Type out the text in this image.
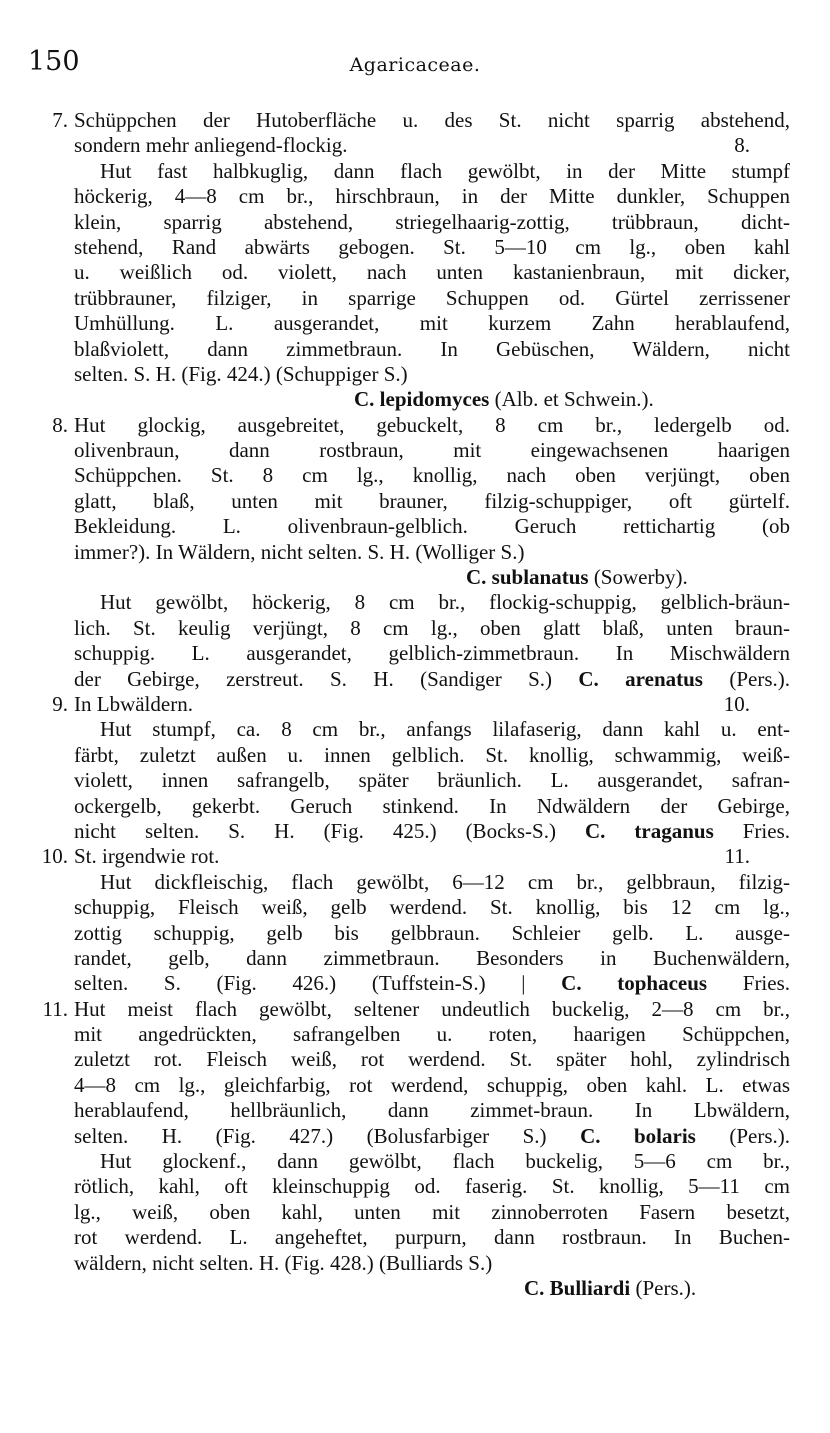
150	Agaricaceae.
7. Schüppchen der Hutoberfläche u. des St. nicht sparrig abstehend,
sondern mehr anliegend-flockig.	8.
Hut fast halbkuglig, dann flach gewölbt, in der Mitte stumpf
höckerig, 4—8 cm br., hirschbraun, in der Mitte dunkler, Schuppen
klein, sparrig abstehend, striegelhaarig-zottig, trübbraun, dicht-
stehend, Rand abwärts gebogen. St. 5—10 cm lg., oben kahl
u. weißlich od. violett, nach unten kastanienbraun, mit dicker,
trübbrauner, filziger, in sparrige Schuppen od. Gürtel zerrissener
Umhüllung. L. ausgerandet, mit kurzem Zahn herablaufend,
blaßviolett, dann zimmetbraun. In Gebüschen, Wäldern, nicht
selten. S. H. (Fig. 424.) (Schuppiger S.)
C. lepidomyces (Alb. et Schwein.).
8. Hut glockig, ausgebreitet, gebuckelt, 8 cm br., ledergelb od.
olivenbraun, dann rostbraun, mit eingewachsenen haarigen
Schüppchen. St. 8 cm lg., knollig, nach oben verjüngt, oben
glatt, blaß, unten mit brauner, filzig-schuppiger, oft gürtelf.
Bekleidung. L. olivenbraun-gelblich. Geruch rettichartig (ob
immer?). In Wäldern, nicht selten. S. H. (Wolliger S.)
C. sublanatus (Sowerby).
Hut gewölbt, höckerig, 8 cm br., flockig-schuppig, gelblich-bräun-
lich. St. keulig verjüngt, 8 cm lg., oben glatt blaß, unten braun-
schuppig. L. ausgerandet, gelblich-zimmetbraun. In Mischwäldern
der Gebirge, zerstreut. S. H. (Sandiger S.) C. arenatus (Pers.).
9. In Lbwäldern.	10.
Hut stumpf, ca. 8 cm br., anfangs lilafaserig, dann kahl u. ent-
färbt, zuletzt außen u. innen gelblich. St. knollig, schwammig, weiß-
violett, innen safrangelb, später bräunlich. L. ausgerandet, safran-
ockergelb, gekerbt. Geruch stinkend. In Ndwäldern der Gebirge,
nicht selten. S. H. (Fig. 425.) (Bocks-S.) C. traganus Fries.
10. St. irgendwie rot.	11.
Hut dickfleischig, flach gewölbt, 6—12 cm br., gelbbraun, filzig-
schuppig, Fleisch weiß, gelb werdend. St. knollig, bis 12 cm lg.,
zottig schuppig, gelb bis gelbbraun. Schleier gelb. L. ausge-
randet, gelb, dann zimmetbraun. Besonders in Buchenwäldern,
selten. S. (Fig. 426.) (Tuffstein-S.) | C. tophaceus Fries.
11. Hut meist flach gewölbt, seltener undeutlich buckelig, 2—8 cm br.,
mit angedrückten, safrangelben u. roten, haarigen Schüppchen,
zuletzt rot. Fleisch weiß, rot werdend. St. später hohl, zylindrisch
4—8 cm lg., gleichfarbig, rot werdend, schuppig, oben kahl. L. etwas
herablaufend, hellbräunlich, dann zimmet-braun. In Lbwäldern,
selten. H. (Fig. 427.) (Bolusfarbiger S.) C. bolaris (Pers.).
Hut glockenf., dann gewölbt, flach buckelig, 5—6 cm br.,
rötlich, kahl, oft kleinschuppig od. faserig. St. knollig, 5—11 cm
lg., weiß, oben kahl, unten mit zinnoberroten Fasern besetzt,
rot werdend. L. angeheftet, purpurn, dann rostbraun. In Buchen-
wäldern, nicht selten. H. (Fig. 428.) (Bulliards S.)
C. Bulliardi (Pers.).
